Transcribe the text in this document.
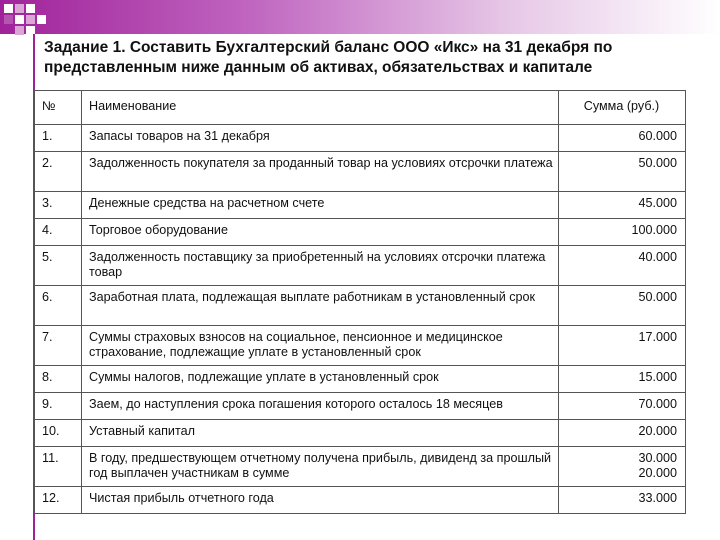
Задание 1. Составить Бухгалтерский баланс ООО «Икс» на 31 декабря по представленным ниже данным об активах, обязательствах и капитале
№	Наименование	Сумма (руб.)
1.	Запасы товаров на 31 декабря	60.000

2.	Задолженность покупателя за проданный товар на условиях отсрочки платежа	50.000

3.	Денежные средства на расчетном счете	45.000

4.	Торговое оборудование	100.000

5.	Задолженность поставщику за приобретенный на условиях отсрочки платежа товар	40.000

6.	Заработная плата, подлежащая выплате работникам в установленный срок	50.000

7.	Суммы страховых взносов на социальное, пенсионное и медицинское страхование, подлежащие уплате в установленный срок	17.000

8.	Суммы налогов, подлежащие уплате в установленный срок	15.000

9.	Заем, до наступления срока погашения которого осталось 18 месяцев	70.000

10.	Уставный капитал	20.000

11.	В году, предшествующем отчетному получена прибыль, дивиденд за прошлый год выплачен участникам в сумме	30.000
20.000

12.	Чистая прибыль отчетного года	33.000
